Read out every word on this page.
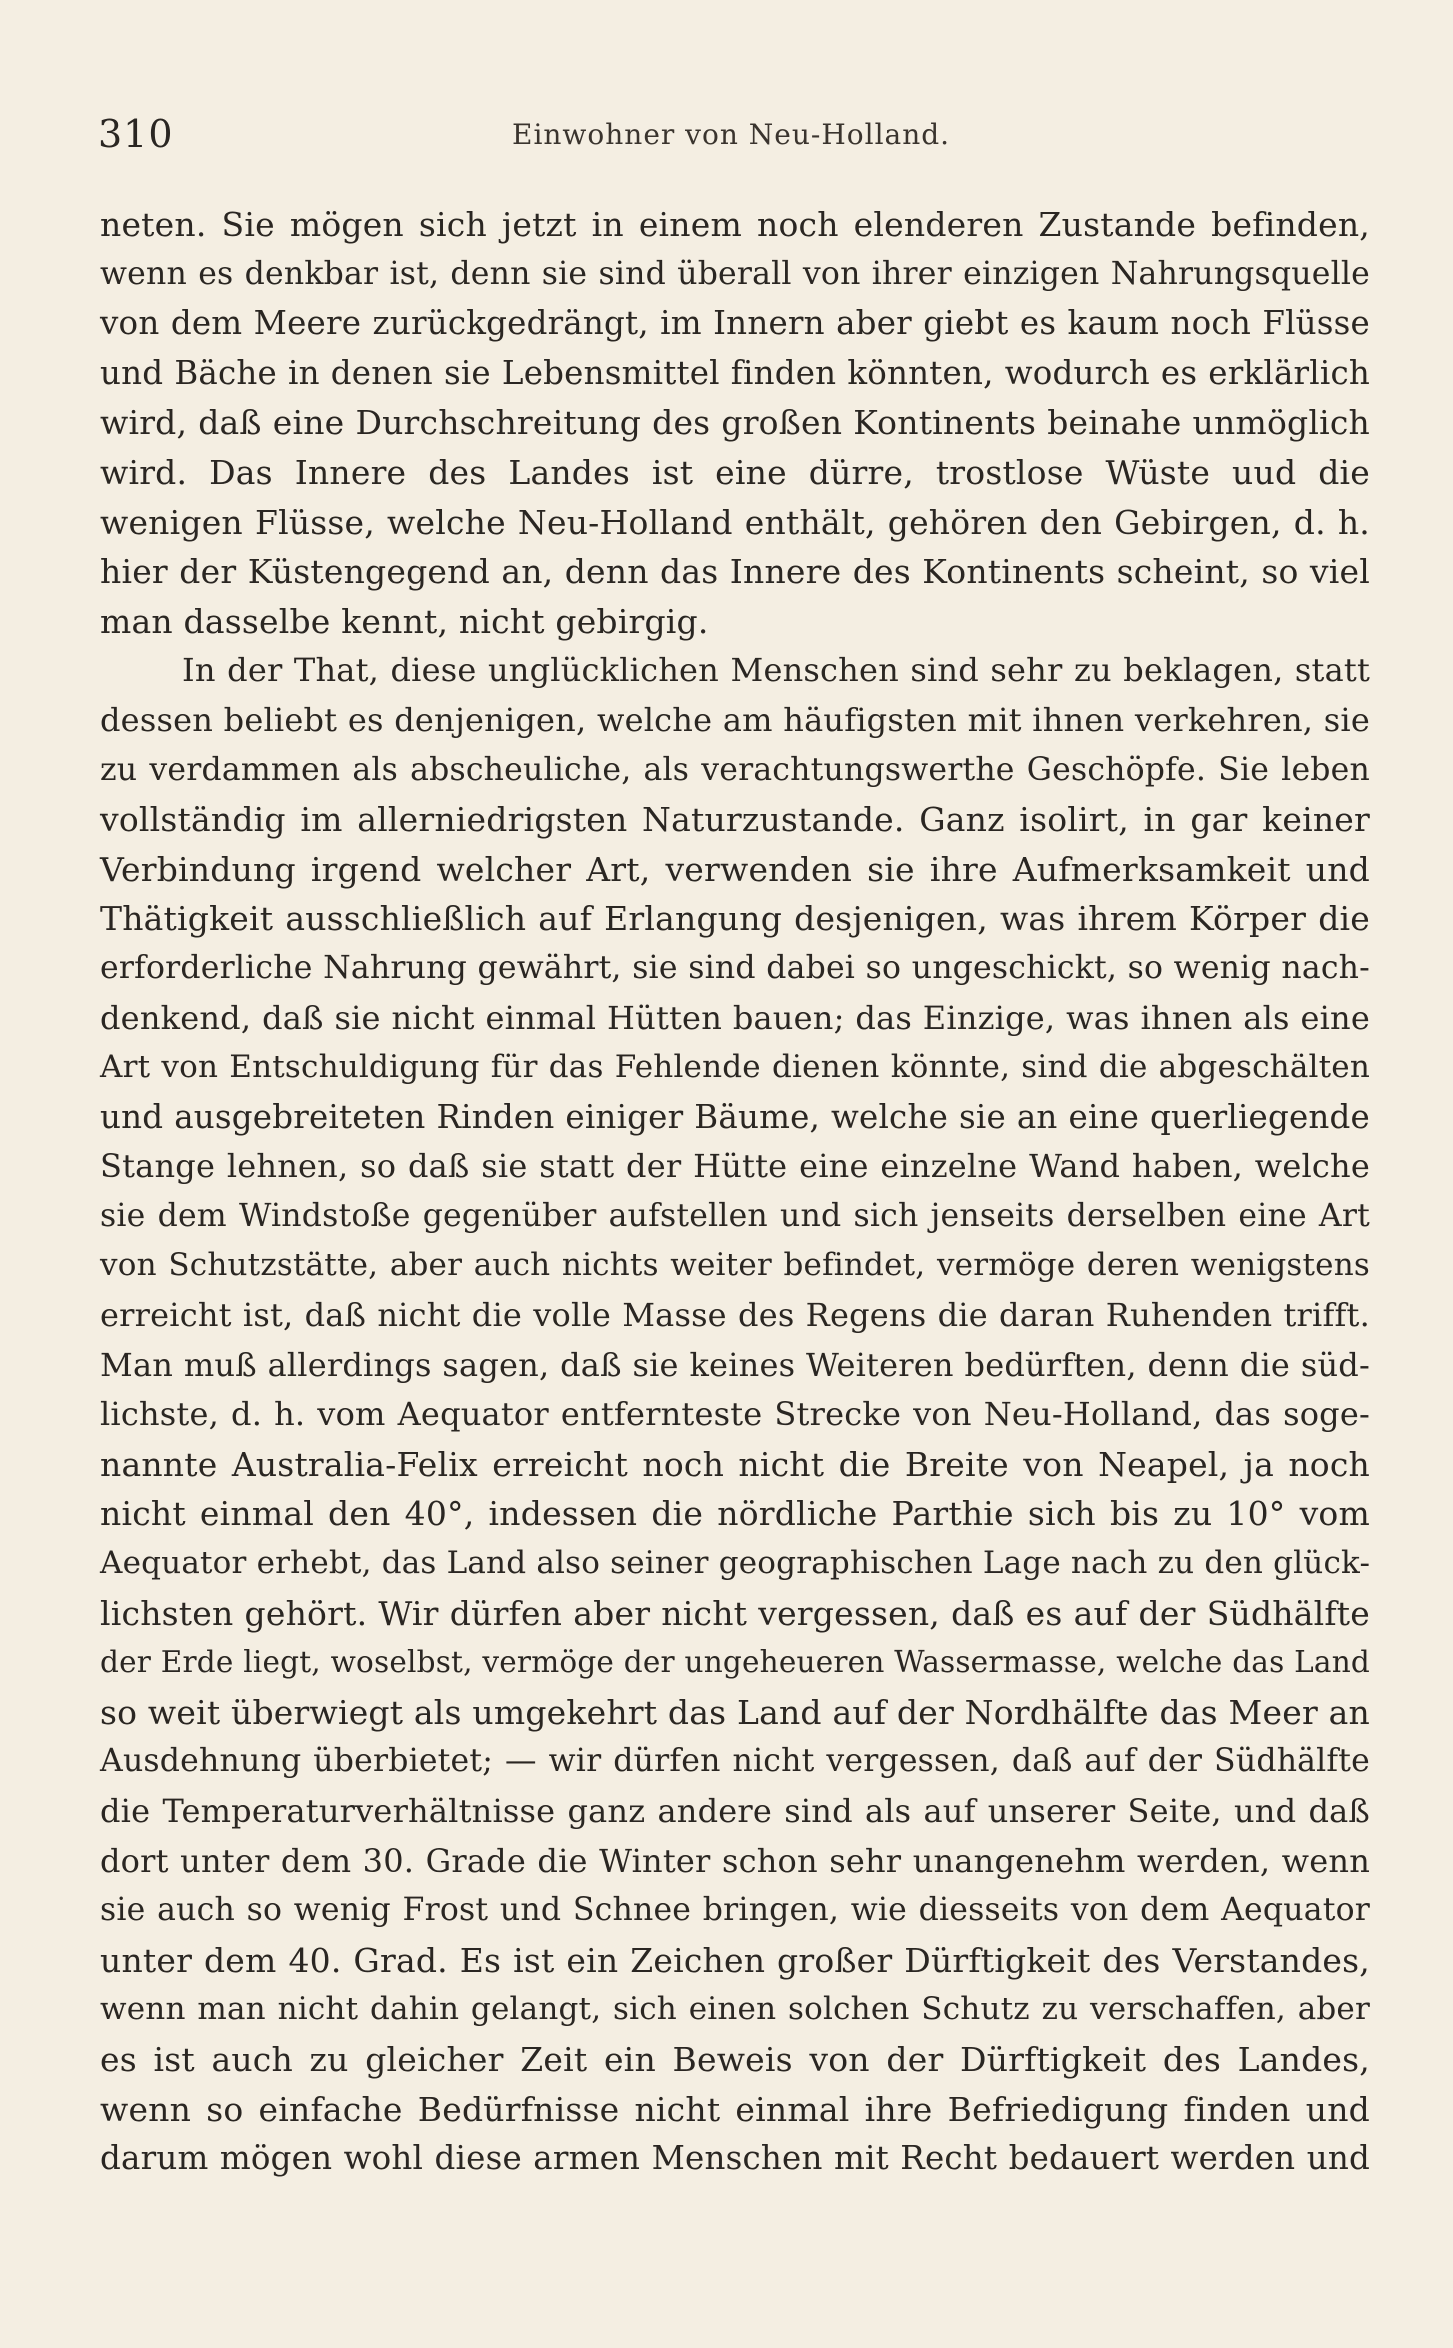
310	Einwohner von Neu-Holland.
neten. Sie mögen sich jetzt in einem noch elenderen Zustande befinden,
wenn es denkbar ist, denn sie sind überall von ihrer einzigen Nahrungsquelle
von dem Meere zurückgedrängt, im Innern aber giebt es kaum noch Flüsse
und Bäche in denen sie Lebensmittel finden könnten, wodurch es erklärlich
wird, daß eine Durchschreitung des großen Kontinents beinahe unmöglich
wird. Das Innere des Landes ist eine dürre, trostlose Wüste uud die
wenigen Flüsse, welche Neu-Holland enthält, gehören den Gebirgen, d. h.
hier der Küstengegend an, denn das Innere des Kontinents scheint, so viel
man dasselbe kennt, nicht gebirgig.
In der That, diese unglücklichen Menschen sind sehr zu beklagen, statt
dessen beliebt es denjenigen, welche am häufigsten mit ihnen verkehren, sie
zu verdammen als abscheuliche, als verachtungswerthe Geschöpfe. Sie leben
vollständig im allerniedrigsten Naturzustande. Ganz isolirt, in gar keiner
Verbindung irgend welcher Art, verwenden sie ihre Aufmerksamkeit und
Thätigkeit ausschließlich auf Erlangung desjenigen, was ihrem Körper die
erforderliche Nahrung gewährt, sie sind dabei so ungeschickt, so wenig nach-
denkend, daß sie nicht einmal Hütten bauen; das Einzige, was ihnen als eine
Art von Entschuldigung für das Fehlende dienen könnte, sind die abgeschälten
und ausgebreiteten Rinden einiger Bäume, welche sie an eine querliegende
Stange lehnen, so daß sie statt der Hütte eine einzelne Wand haben, welche
sie dem Windstoße gegenüber aufstellen und sich jenseits derselben eine Art
von Schutzstätte, aber auch nichts weiter befindet, vermöge deren wenigstens
erreicht ist, daß nicht die volle Masse des Regens die daran Ruhenden trifft.
Man muß allerdings sagen, daß sie keines Weiteren bedürften, denn die süd-
lichste, d. h. vom Aequator entfernteste Strecke von Neu-Holland, das soge-
nannte Australia-Felix erreicht noch nicht die Breite von Neapel, ja noch
nicht einmal den 40°, indessen die nördliche Parthie sich bis zu 10° vom
Aequator erhebt, das Land also seiner geographischen Lage nach zu den glück-
lichsten gehört. Wir dürfen aber nicht vergessen, daß es auf der Südhälfte
der Erde liegt, woselbst, vermöge der ungeheueren Wassermasse, welche das Land
so weit überwiegt als umgekehrt das Land auf der Nordhälfte das Meer an
Ausdehnung überbietet; — wir dürfen nicht vergessen, daß auf der Südhälfte
die Temperaturverhältnisse ganz andere sind als auf unserer Seite, und daß
dort unter dem 30. Grade die Winter schon sehr unangenehm werden, wenn
sie auch so wenig Frost und Schnee bringen, wie diesseits von dem Aequator
unter dem 40. Grad. Es ist ein Zeichen großer Dürftigkeit des Verstandes,
wenn man nicht dahin gelangt, sich einen solchen Schutz zu verschaffen, aber
es ist auch zu gleicher Zeit ein Beweis von der Dürftigkeit des Landes,
wenn so einfache Bedürfnisse nicht einmal ihre Befriedigung finden und
darum mögen wohl diese armen Menschen mit Recht bedauert werden und
